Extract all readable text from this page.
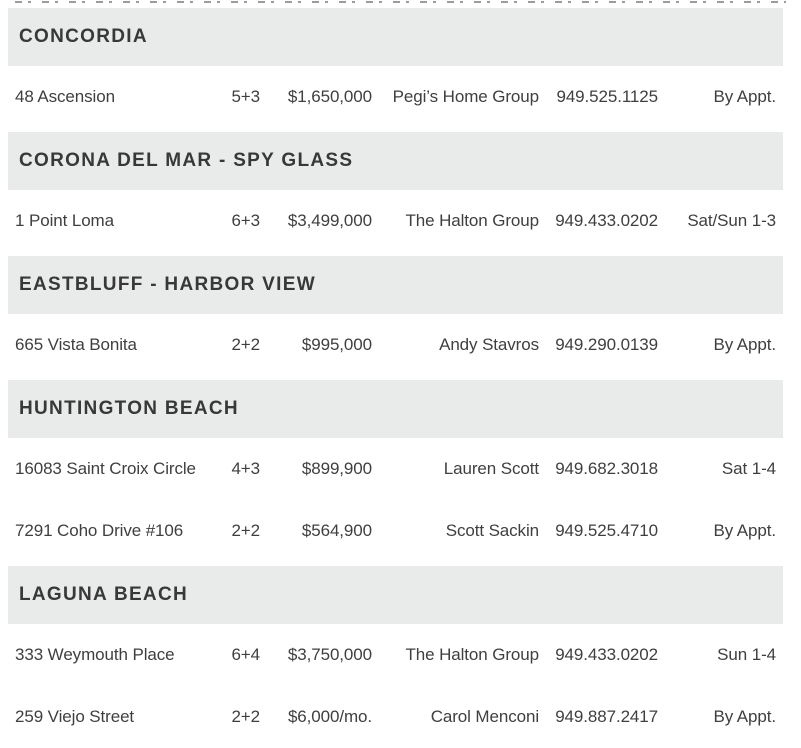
CONCORDIA
48 Ascension	5+3	$1,650,000	Pegi’s Home Group	949.525.1125	By Appt.
CORONA DEL MAR - SPY GLASS
1 Point Loma	6+3	$3,499,000	The Halton Group 949.433.0202	Sat/Sun 1-3
EASTBLUFF - HARBOR VIEW
665 Vista Bonita	2+2	$995,000	Andy Stavros 949.290.0139	By Appt.
HUNTINGTON BEACH
16083 Saint Croix Circle	4+3	$899,900	Lauren Scott 949.682.3018	Sat 1-4
7291 Coho Drive #106	2+2	$564,900	Scott Sackin 949.525.4710	By Appt.
LAGUNA BEACH
333 Weymouth Place	6+4	$3,750,000	The Halton Group 949.433.0202	Sun 1-4
259 Viejo Street	2+2	$6,000/mo.	Carol Menconi 949.887.2417	By Appt.
